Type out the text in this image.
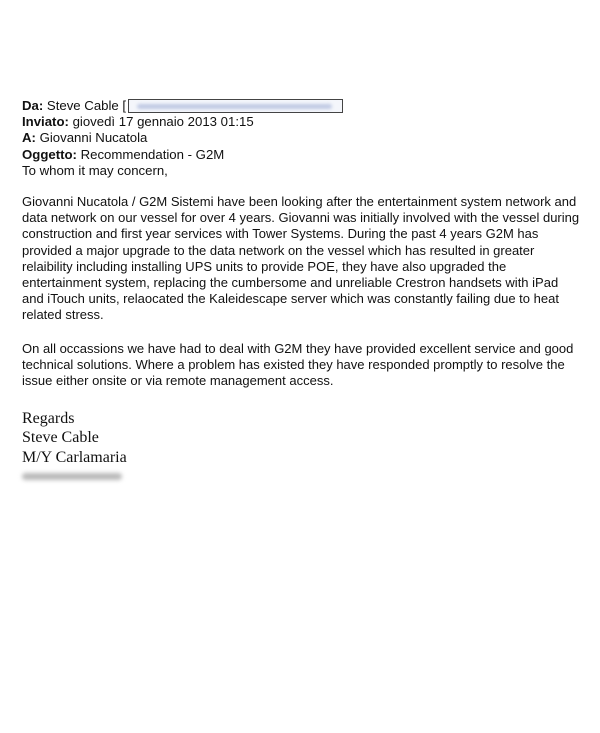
Da: Steve Cable [
Inviato: giovedì 17 gennaio 2013 01:15
A: Giovanni Nucatola
Oggetto: Recommendation - G2M
To whom it may concern,

Giovanni Nucatola / G2M Sistemi have been looking after the entertainment system network and data network on our vessel for over 4 years. Giovanni was initially involved with the vessel during construction and first year services with Tower Systems. During the past 4 years G2M has provided a major upgrade to the data network on the vessel which has resulted in greater relaibility including installing UPS units to provide POE, they have also upgraded the entertainment system, replacing the cumbersome and unreliable Crestron handsets with iPad and iTouch units, relaocated the Kaleidescape server which was constantly failing due to heat related stress.

On all occassions we have had to deal with G2M they have provided excellent service and good technical solutions. Where a problem has existed they have responded promptly to resolve the issue either onsite or via remote management access.

Regards
Steve Cable
M/Y Carlamaria
